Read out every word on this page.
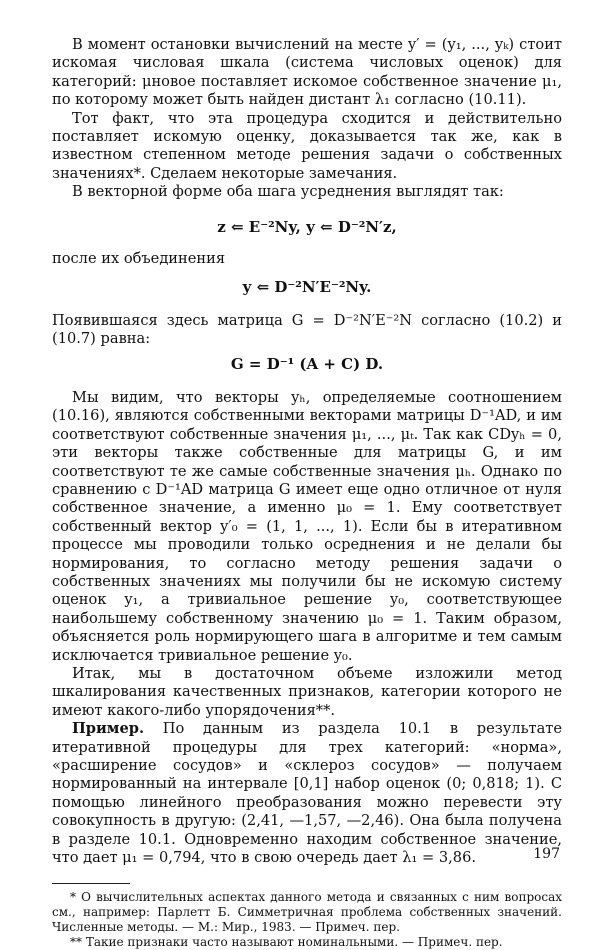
В момент остановки вычислений на месте y′ = (y₁, ..., yₖ) стоит искомая числовая шкала (система числовых оценок) для категорий: μновое поставляет искомое собственное значение μ₁, по которому может быть найден дистант λ₁ согласно (10.11).

Тот факт, что эта процедура сходится и действительно поставляет искомую оценку, доказывается так же, как в известном степенном методе решения задачи о собственных значениях*. Сделаем некоторые замечания.

В векторной форме оба шага усреднения выглядят так:

z ⇐ E⁻²Ny, y ⇐ D⁻²N′z,

после их объединения

y ⇐ D⁻²N′E⁻²Ny.

Появившаяся здесь матрица G = D⁻²N′E⁻²N согласно (10.2) и (10.7) равна:

G = D⁻¹ (A + C) D.

Мы видим, что векторы yₕ, определяемые соотношением (10.16), являются собственными векторами матрицы D⁻¹AD, и им соответствуют собственные значения μ₁, ..., μₜ. Так как CDyₕ = 0, эти векторы также собственные для матрицы G, и им соответствуют те же самые собственные значения μₕ. Однако по сравнению с D⁻¹AD матрица G имеет еще одно отличное от нуля собственное значение, а именно μ₀ = 1. Ему соответствует собственный вектор y′₀ = (1, 1, ..., 1). Если бы в итеративном процессе мы проводили только осреднения и не делали бы нормирования, то согласно методу решения задачи о собственных значениях мы получили бы не искомую систему оценок y₁, а тривиальное решение y₀, соответствующее наибольшему собственному значению μ₀ = 1. Таким образом, объясняется роль нормирующего шага в алгоритме и тем самым исключается тривиальное решение y₀.

Итак, мы в достаточном объеме изложили метод шкалирования качественных признаков, категории которого не имеют какого-либо упорядочения**.

Пример. По данным из раздела 10.1 в результате итеративной процедуры для трех категорий: «норма», «расширение сосудов» и «склероз сосудов» — получаем нормированный на интервале [0,1] набор оценок (0; 0,818; 1). С помощью линейного преобразования можно перевести эту совокупность в другую: (2,41, —1,57, —2,46). Она была получена в разделе 10.1. Одновременно находим собственное значение, что дает μ₁ = 0,794, что в свою очередь дает λ₁ = 3,86.

* О вычислительных аспектах данного метода и связанных с ним вопросах см., например: Парлетт Б. Симметричная проблема собственных значений. Численные методы. — М.: Мир., 1983. — Примеч. пер.

** Такие признаки часто называют номинальными. — Примеч. пер.

197
